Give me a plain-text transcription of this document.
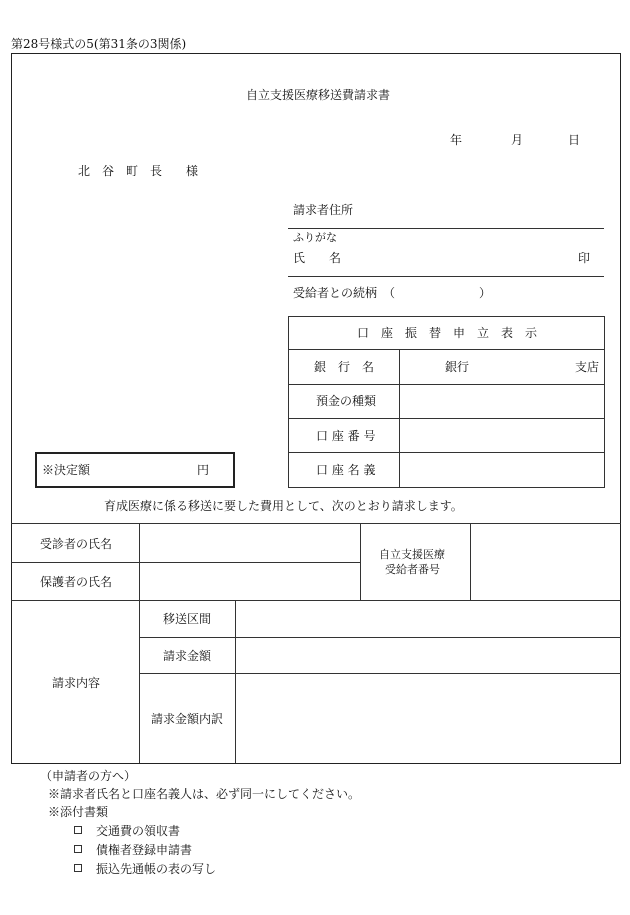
第28号様式の5(第31条の3関係)
自立支援医療移送費請求書
年	月	日
北　谷　町　長　　様
請求者住所
ふりがな
氏　　名	印
受給者との続柄　（　　　　　　　）
口　座　振　替　申　立　表　示
銀　行　名	銀行	支店
預金の種類
口 座 番 号
口 座 名 義
※決定額	円
育成医療に係る移送に要した費用として、次のとおり請求します。
受診者の氏名
保護者の氏名
自立支援医療
受給者番号
請求内容
移送区間
請求金額
請求金額内訳
（申請者の方へ）
※請求者氏名と口座名義人は、必ず同一にしてください。
※添付書類
交通費の領収書
債権者登録申請書
振込先通帳の表の写し
